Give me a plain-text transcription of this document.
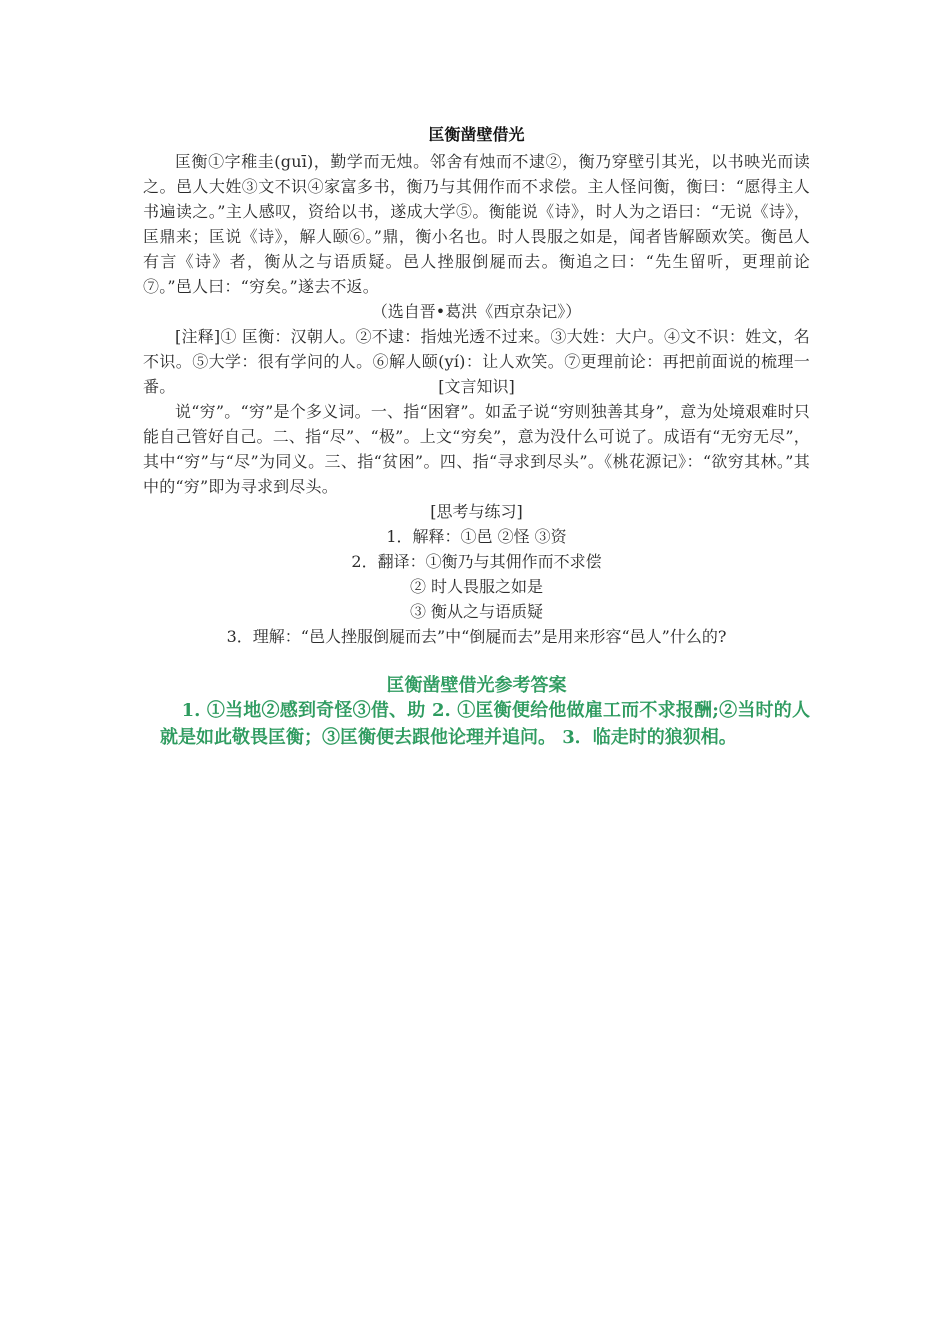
匡衡凿壁借光
匡衡①字稚圭(guī)，勤学而无烛。邻舍有烛而不逮②，衡乃穿壁引其光，以书映光而读之。邑人大姓③文不识④家富多书，衡乃与其佣作而不求偿。主人怪问衡，衡曰：“愿得主人书遍读之。”主人感叹，资给以书，遂成大学⑤。衡能说《诗》，时人为之语曰：“无说《诗》，匡鼎来；匡说《诗》，解人颐⑥。”鼎，衡小名也。时人畏服之如是，闻者皆解颐欢笑。衡邑人有言《诗》者，衡从之与语质疑。邑人挫服倒屣而去。衡追之曰：“先生留听，更理前论⑦。”邑人曰：“穷矣。”遂去不返。
（选自晋•葛洪《西京杂记》）
[注释]① 匡衡：汉朝人。②不逮：指烛光透不过来。③大姓：大户。④文不识：姓文，名不识。⑤大学：很有学问的人。⑥解人颐(yí)：让人欢笑。⑦更理前论：再把前面说的梳理一番。	[文言知识]
说“穷”。“穷”是个多义词。一、指“困窘”。如孟子说“穷则独善其身”，意为处境艰难时只能自己管好自己。二、指“尽”、“极”。上文“穷矣”，意为没什么可说了。成语有“无穷无尽”，其中“穷”与“尽”为同义。三、指“贫困”。四、指“寻求到尽头”。《桃花源记》：“欲穷其林。”其中的“穷”即为寻求到尽头。
[思考与练习]
1．解释：①邑 ②怪 ③资
2．翻译：①衡乃与其佣作而不求偿
② 时人畏服之如是
③ 衡从之与语质疑
3．理解：“邑人挫服倒屣而去”中“倒屣而去”是用来形容“邑人”什么的?
匡衡凿壁借光参考答案
1. ①当地②感到奇怪③借、助 2. ①匡衡便给他做雇工而不求报酬;②当时的人就是如此敬畏匡衡；③匡衡便去跟他论理并追问。 3．临走时的狼狈相。
